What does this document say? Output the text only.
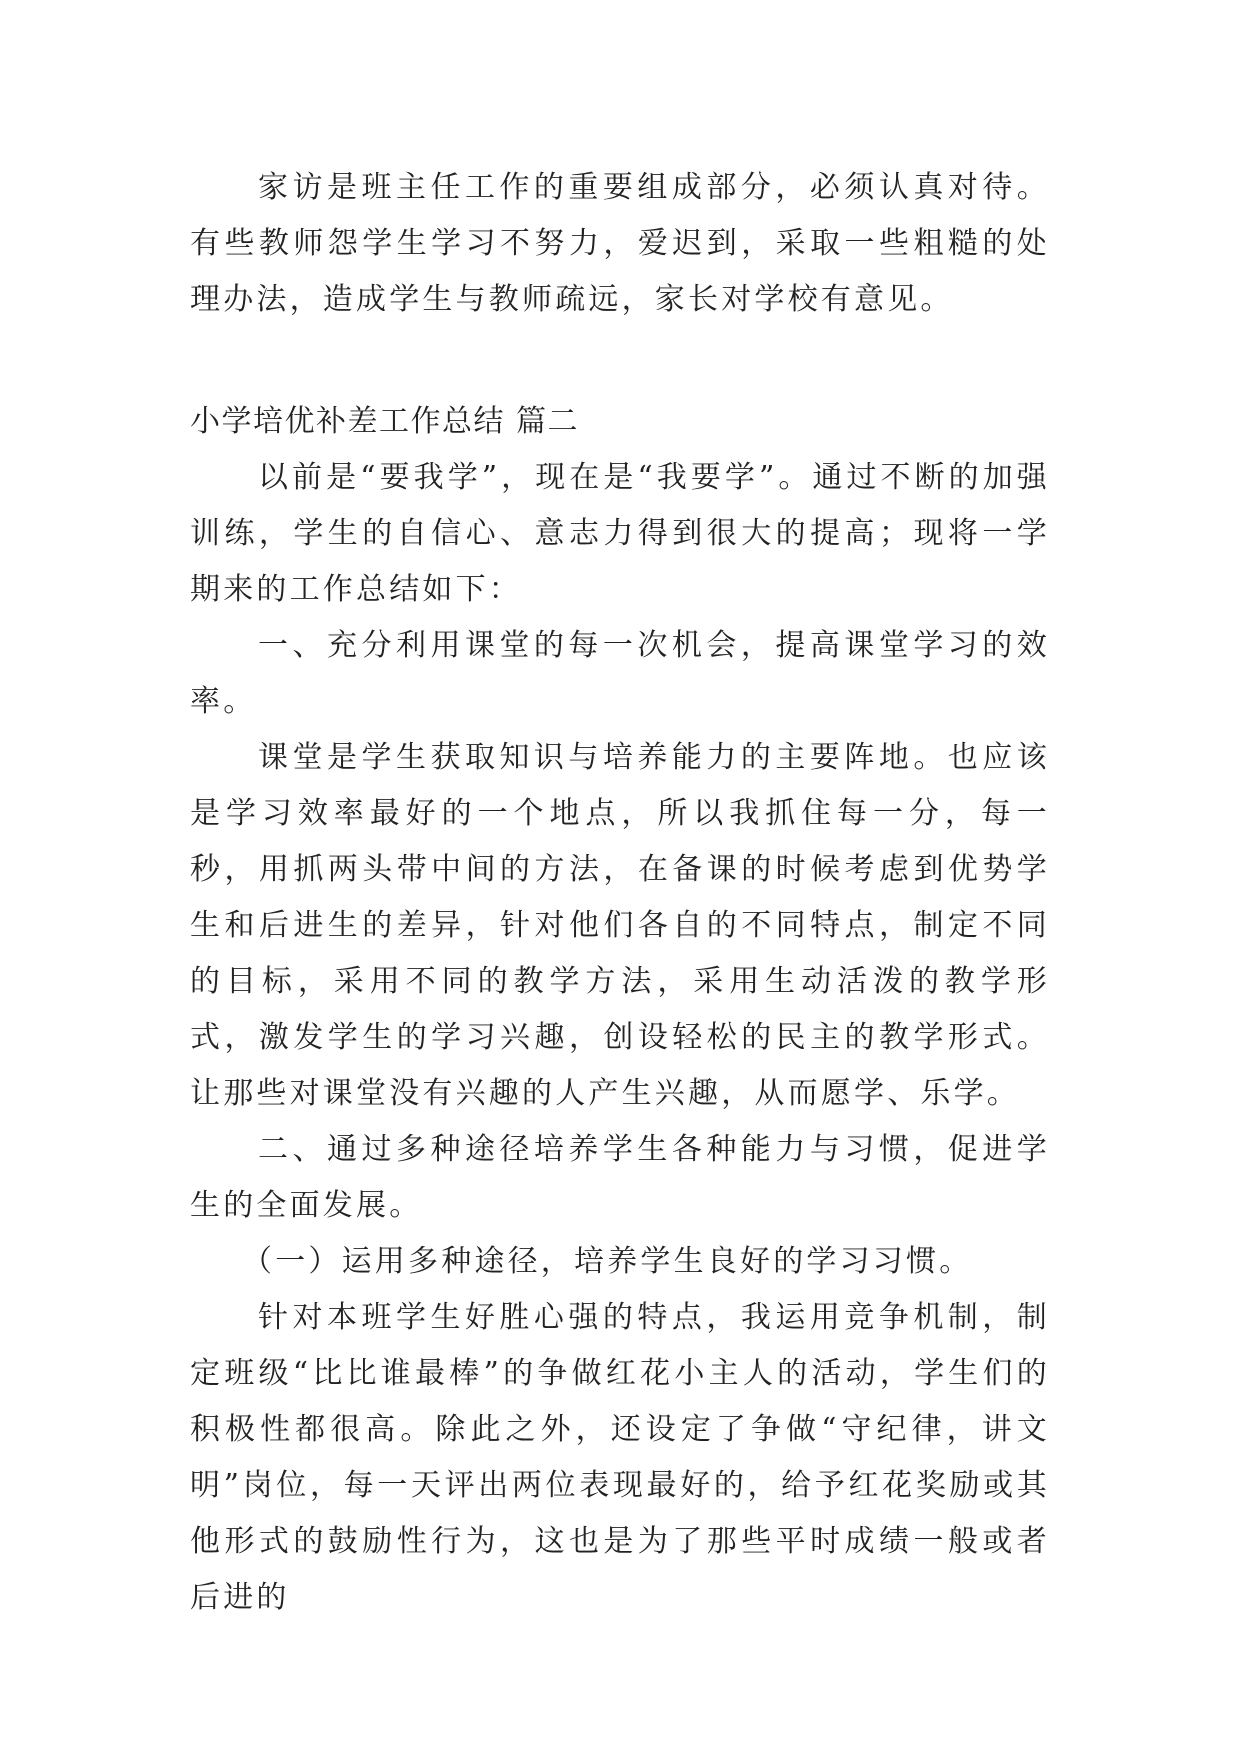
家访是班主任工作的重要组成部分，必须认真对待。有些教师怨学生学习不努力，爱迟到，采取一些粗糙的处理办法，造成学生与教师疏远，家长对学校有意见。

小学培优补差工作总结 篇二

以前是“要我学”，现在是“我要学”。通过不断的加强训练，学生的自信心、意志力得到很大的提高；现将一学期来的工作总结如下：

一、充分利用课堂的每一次机会，提高课堂学习的效率。

课堂是学生获取知识与培养能力的主要阵地。也应该是学习效率最好的一个地点，所以我抓住每一分，每一秒，用抓两头带中间的方法，在备课的时候考虑到优势学生和后进生的差异，针对他们各自的不同特点，制定不同的目标，采用不同的教学方法，采用生动活泼的教学形式，激发学生的学习兴趣，创设轻松的民主的教学形式。让那些对课堂没有兴趣的人产生兴趣，从而愿学、乐学。

二、通过多种途径培养学生各种能力与习惯，促进学生的全面发展。

（一）运用多种途径，培养学生良好的学习习惯。

针对本班学生好胜心强的特点，我运用竞争机制，制定班级“比比谁最棒”的争做红花小主人的活动，学生们的积极性都很高。除此之外，还设定了争做“守纪律，讲文明”岗位，每一天评出两位表现最好的，给予红花奖励或其他形式的鼓励性行为，这也是为了那些平时成绩一般或者后进的
